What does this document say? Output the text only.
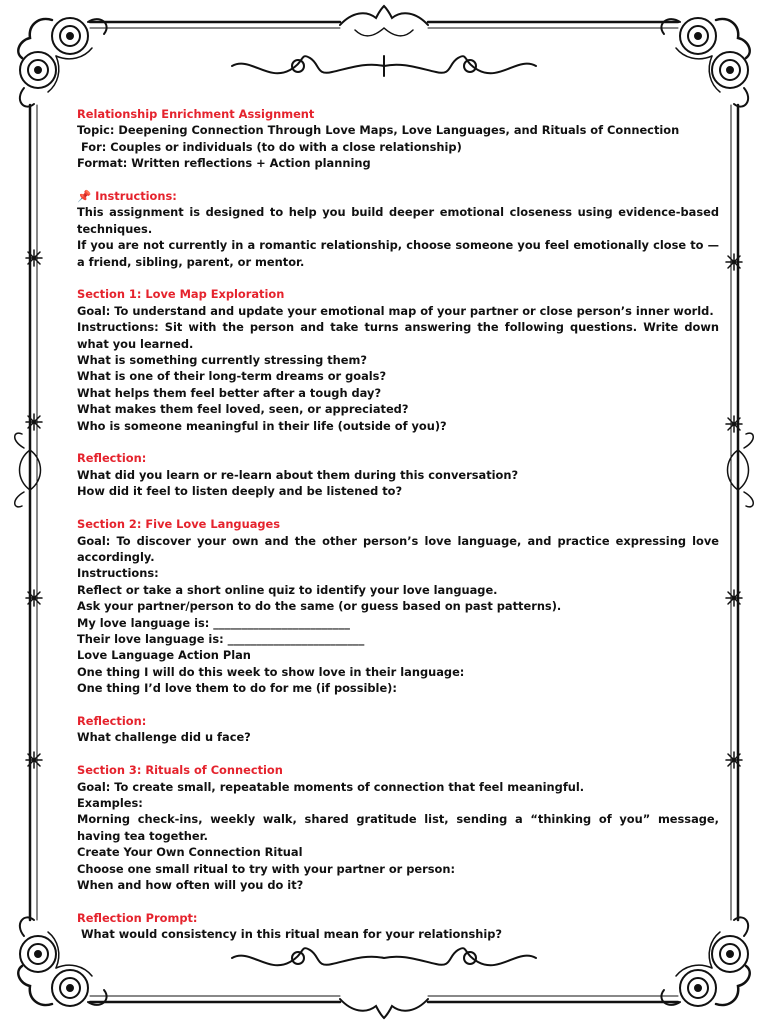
Relationship Enrichment Assignment
Topic: Deepening Connection Through Love Maps, Love Languages, and Rituals of Connection
For: Couples or individuals (to do with a close relationship)
Format: Written reflections + Action planning
📌 Instructions:
This assignment is designed to help you build deeper emotional closeness using evidence-based techniques.
If you are not currently in a romantic relationship, choose someone you feel emotionally close to — a friend, sibling, parent, or mentor.
Section 1: Love Map Exploration
Goal: To understand and update your emotional map of your partner or close person’s inner world.
Instructions: Sit with the person and take turns answering the following questions. Write down what you learned.
What is something currently stressing them?
What is one of their long-term dreams or goals?
What helps them feel better after a tough day?
What makes them feel loved, seen, or appreciated?
Who is someone meaningful in their life (outside of you)?
Reflection:
What did you learn or re-learn about them during this conversation?
How did it feel to listen deeply and be listened to?
Section 2: Five Love Languages
Goal: To discover your own and the other person’s love language, and practice expressing love accordingly.
Instructions:
Reflect or take a short online quiz to identify your love language.
Ask your partner/person to do the same (or guess based on past patterns).
My love language is: ________________________
Their love language is: ________________________
Love Language Action Plan
One thing I will do this week to show love in their language:
One thing I’d love them to do for me (if possible):
Reflection:
What challenge did u face?
Section 3: Rituals of Connection
Goal: To create small, repeatable moments of connection that feel meaningful.
Examples:
Morning check-ins, weekly walk, shared gratitude list, sending a “thinking of you” message, having tea together.
Create Your Own Connection Ritual
Choose one small ritual to try with your partner or person:
When and how often will you do it?
Reflection Prompt:
What would consistency in this ritual mean for your relationship?
